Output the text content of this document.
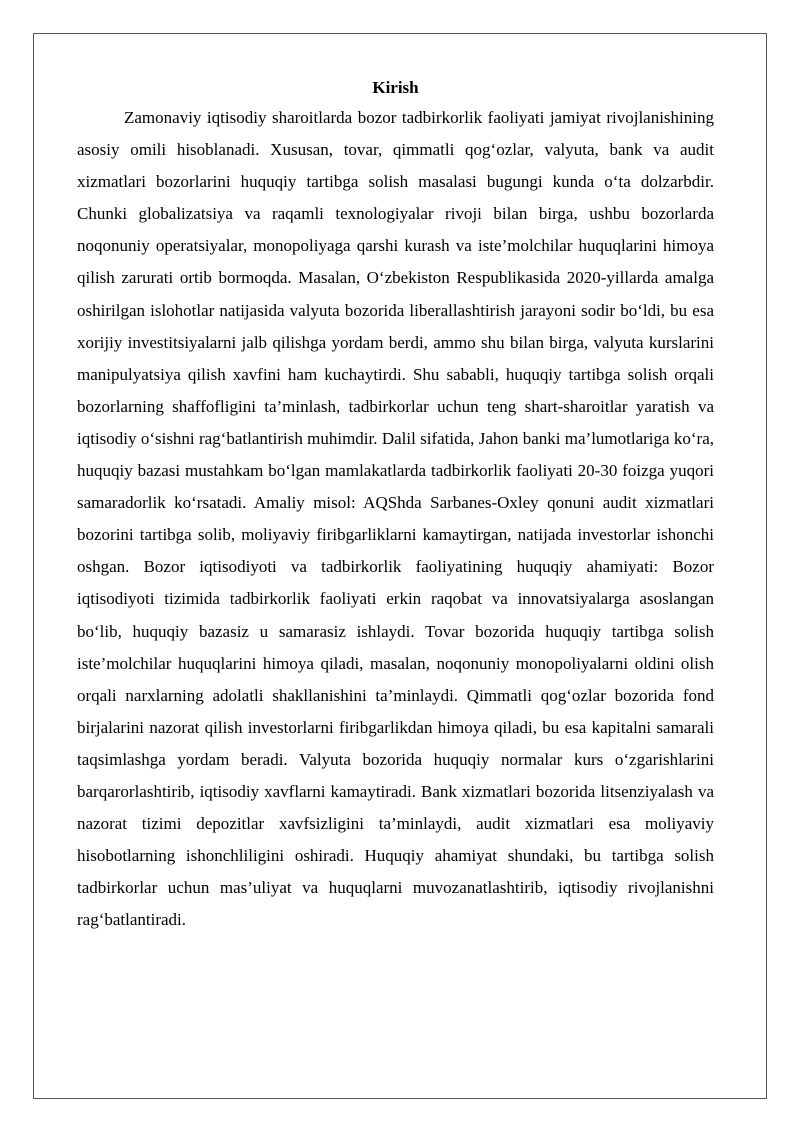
Kirish

Zamonaviy iqtisodiy sharoitlarda bozor tadbirkorlik faoliyati jamiyat rivojlanishining asosiy omili hisoblanadi. Xususan, tovar, qimmatli qog‘ozlar, valyuta, bank va audit xizmatlari bozorlarini huquqiy tartibga solish masalasi bugungi kunda o‘ta dolzarbdir. Chunki globalizatsiya va raqamli texnologiyalar rivoji bilan birga, ushbu bozorlarda noqonuniy operatsiyalar, monopoliyaga qarshi kurash va iste’molchilar huquqlarini himoya qilish zarurati ortib bormoqda. Masalan, O‘zbekiston Respublikasida 2020-yillarda amalga oshirilgan islohotlar natijasida valyuta bozorida liberallashtirish jarayoni sodir bo‘ldi, bu esa xorijiy investitsiyalarni jalb qilishga yordam berdi, ammo shu bilan birga, valyuta kurslarini manipulyatsiya qilish xavfini ham kuchaytirdi. Shu sababli, huquqiy tartibga solish orqali bozorlarning shaffofligini ta’minlash, tadbirkorlar uchun teng shart-sharoitlar yaratish va iqtisodiy o‘sishni rag‘batlantirish muhimdir. Dalil sifatida, Jahon banki ma’lumotlariga ko‘ra, huquqiy bazasi mustahkam bo‘lgan mamlakatlarda tadbirkorlik faoliyati 20-30 foizga yuqori samaradorlik ko‘rsatadi. Amaliy misol: AQShda Sarbanes-Oxley qonuni audit xizmatlari bozorini tartibga solib, moliyaviy firibgarliklarni kamaytirgan, natijada investorlar ishonchi oshgan. Bozor iqtisodiyoti va tadbirkorlik faoliyatining huquqiy ahamiyati: Bozor iqtisodiyoti tizimida tadbirkorlik faoliyati erkin raqobat va innovatsiyalarga asoslangan bo‘lib, huquqiy bazasiz u samarasiz ishlaydi. Tovar bozorida huquqiy tartibga solish iste’molchilar huquqlarini himoya qiladi, masalan, noqonuniy monopoliyalarni oldini olish orqali narxlarning adolatli shakllanishini ta’minlaydi. Qimmatli qog‘ozlar bozorida fond birjalarini nazorat qilish investorlarni firibgarlikdan himoya qiladi, bu esa kapitalni samarali taqsimlashga yordam beradi. Valyuta bozorida huquqiy normalar kurs o‘zgarishlarini barqarorlashtirib, iqtisodiy xavflarni kamaytiradi. Bank xizmatlari bozorida litsenziyalash va nazorat tizimi depozitlar xavfsizligini ta’minlaydi, audit xizmatlari esa moliyaviy hisobotlarning ishonchliligini oshiradi. Huquqiy ahamiyat shundaki, bu tartibga solish tadbirkorlar uchun mas’uliyat va huquqlarni muvozanatlashtirib, iqtisodiy rivojlanishni rag‘batlantiradi.
